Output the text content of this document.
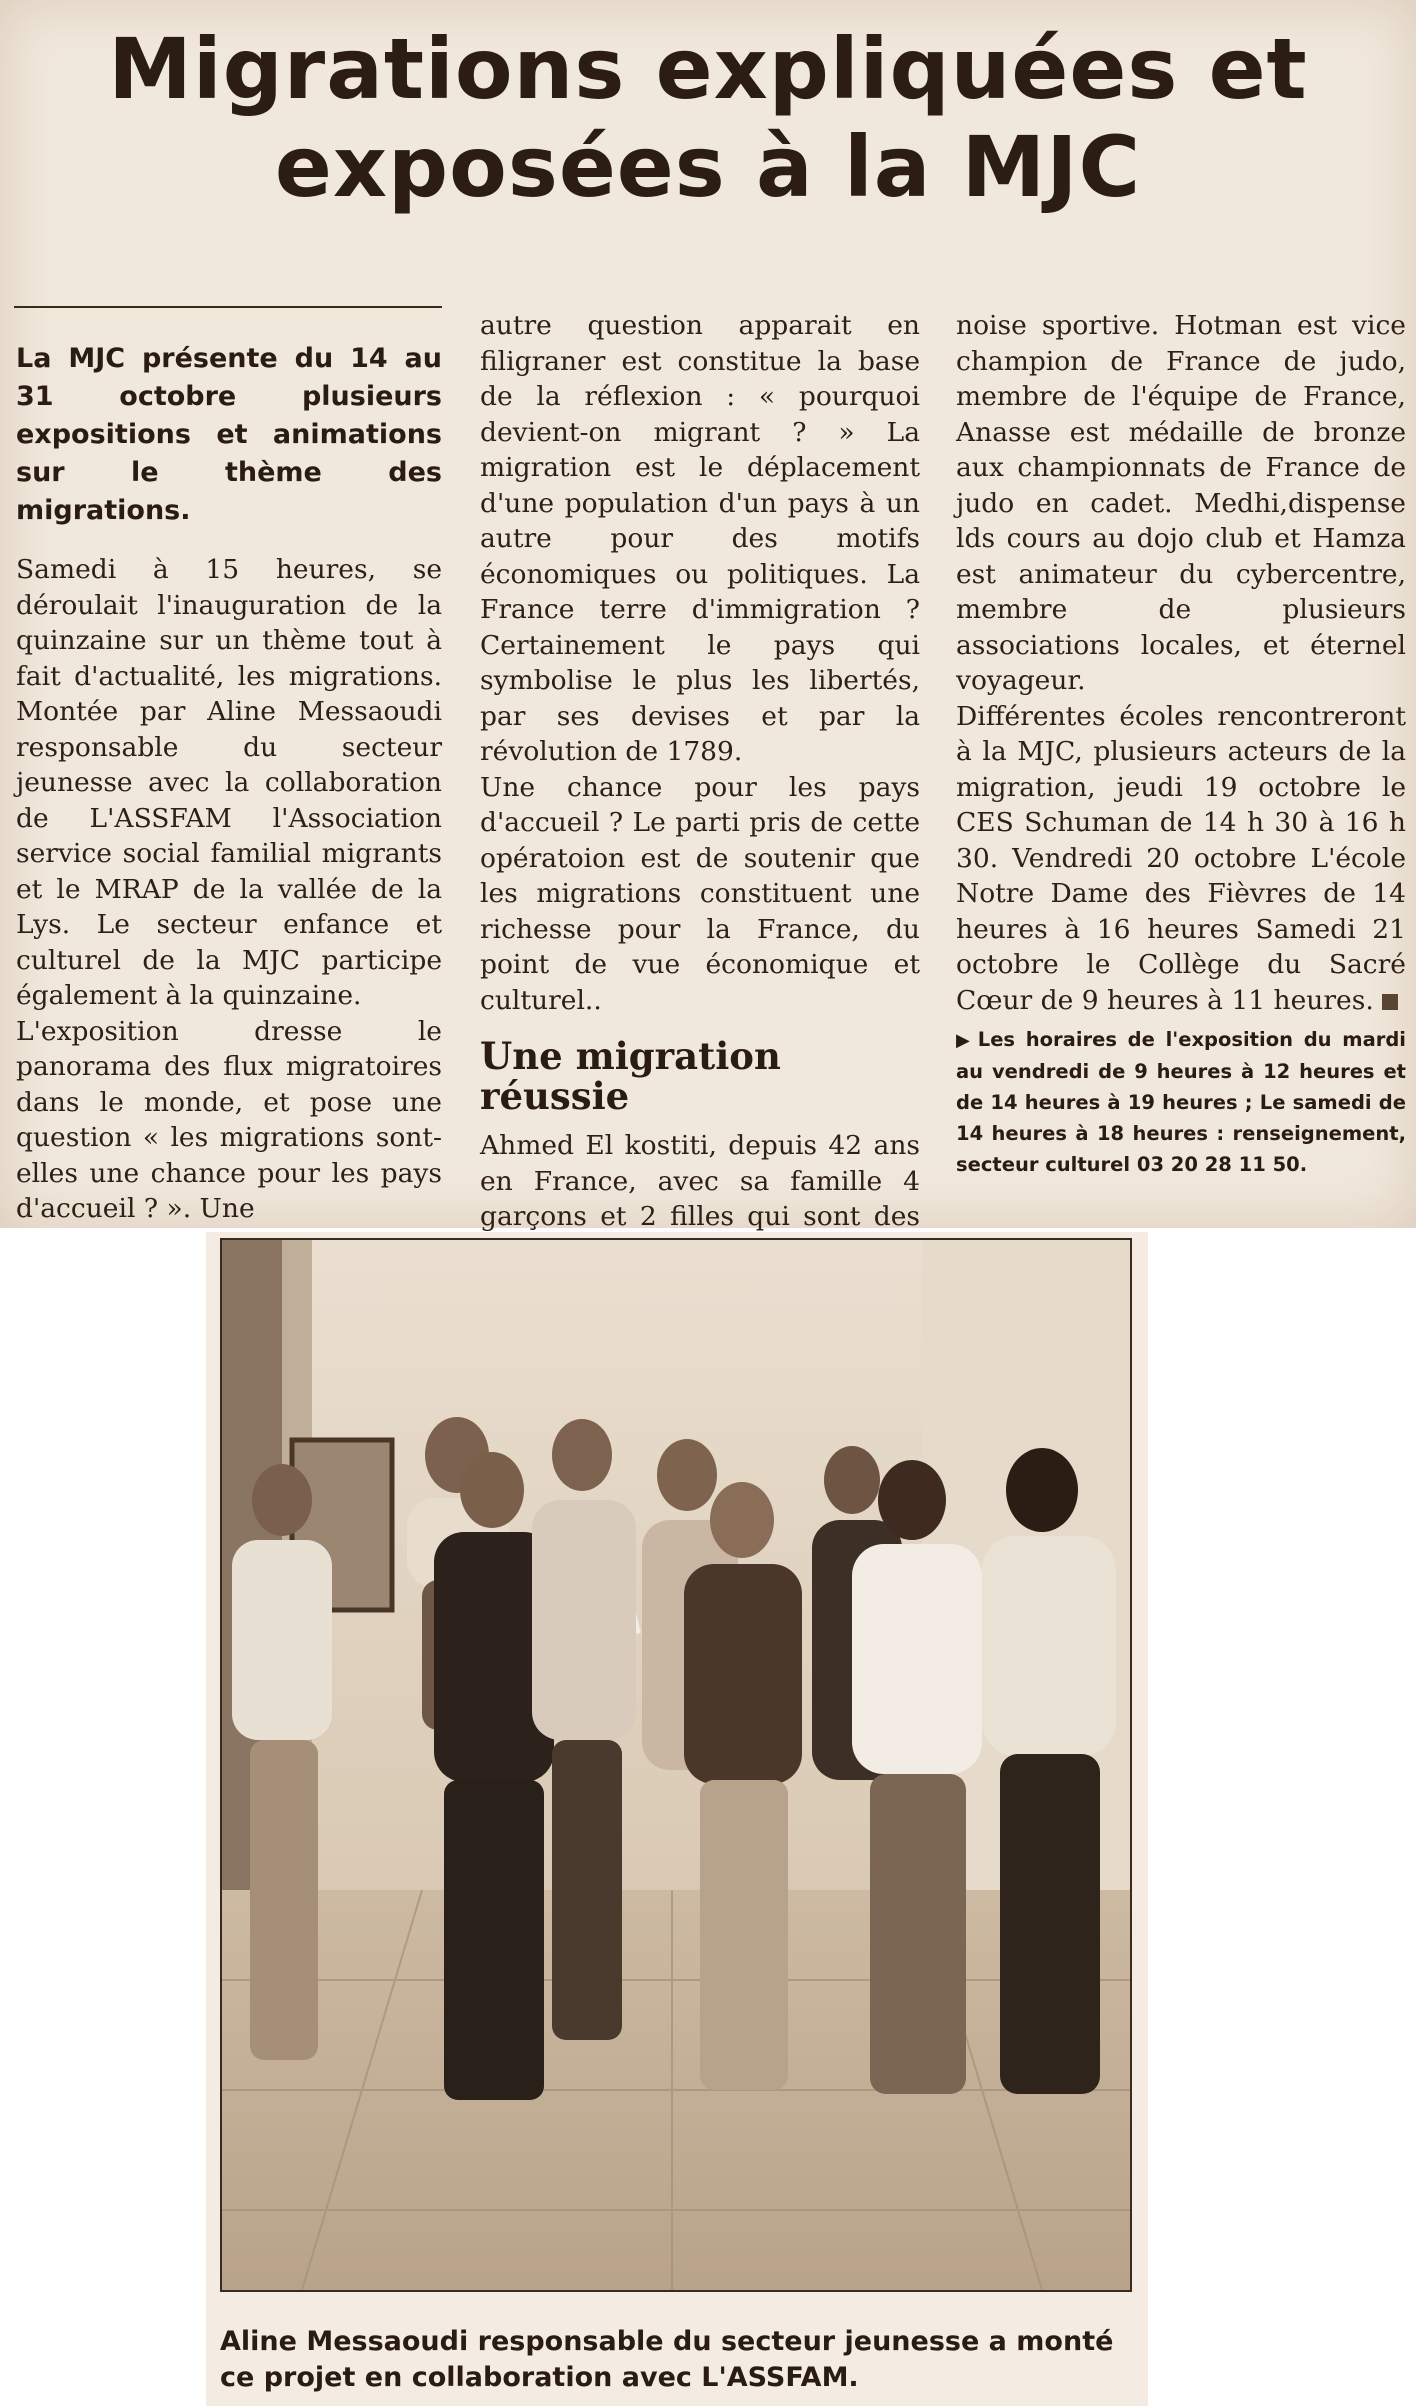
Migrations expliquées et
exposées à la MJC

La MJC présente du 14 au 31 octobre plusieurs expositions et animations sur le thème des migrations.

Samedi à 15 heures, se déroulait l'inauguration de la quinzaine sur un thème tout à fait d'actualité, les migrations. Montée par Aline Messaoudi responsable du secteur jeunesse avec la collaboration de L'ASSFAM l'Association service social familial migrants et le MRAP de la vallée de la Lys. Le secteur enfance et culturel de la MJC participe également à la quinzaine.

L'exposition dresse le panorama des flux migratoires dans le monde, et pose une question « les migrations sont-elles une chance pour les pays d'accueil ? ». Une

autre question apparait en filigraner est constitue la base de la réflexion : « pourquoi devient-on migrant ? » La migration est le déplacement d'une population d'un pays à un autre pour des motifs économiques ou politiques. La France terre d'immigration ? Certainement le pays qui symbolise le plus les libertés, par ses devises et par la révolution de 1789.

Une chance pour les pays d'accueil ? Le parti pris de cette opératoion est de soutenir que les migrations constituent une richesse pour la France, du point de vue économique et culturel..

Une migration réussie

Ahmed El kostiti, depuis 42 ans en France, avec sa famille 4 garçons et 2 filles qui sont des

noise sportive. Hotman est vice champion de France de judo, membre de l'équipe de France, Anasse est médaille de bronze aux championnats de France de judo en cadet. Medhi,dispense lds cours au dojo club et Hamza est animateur du cybercentre, membre de plusieurs associations locales, et éternel voyageur.

Différentes écoles rencontreront à la MJC, plusieurs acteurs de la migration, jeudi 19 octobre le CES Schuman de 14 h 30 à 16 h 30. Vendredi 20 octobre L'école Notre Dame des Fièvres de 14 heures à 16 heures Samedi 21 octobre le Collège du Sacré Cœur de 9 heures à 11 heures.

▶ Les horaires de l'exposition du mardi au vendredi de 9 heures à 12 heures et de 14 heures à 19 heures ; Le samedi de 14 heures à 18 heures : renseignement, secteur culturel 03 20 28 11 50.

Aline Messaoudi responsable du secteur jeunesse a monté ce projet en collaboration avec L'ASSFAM.
